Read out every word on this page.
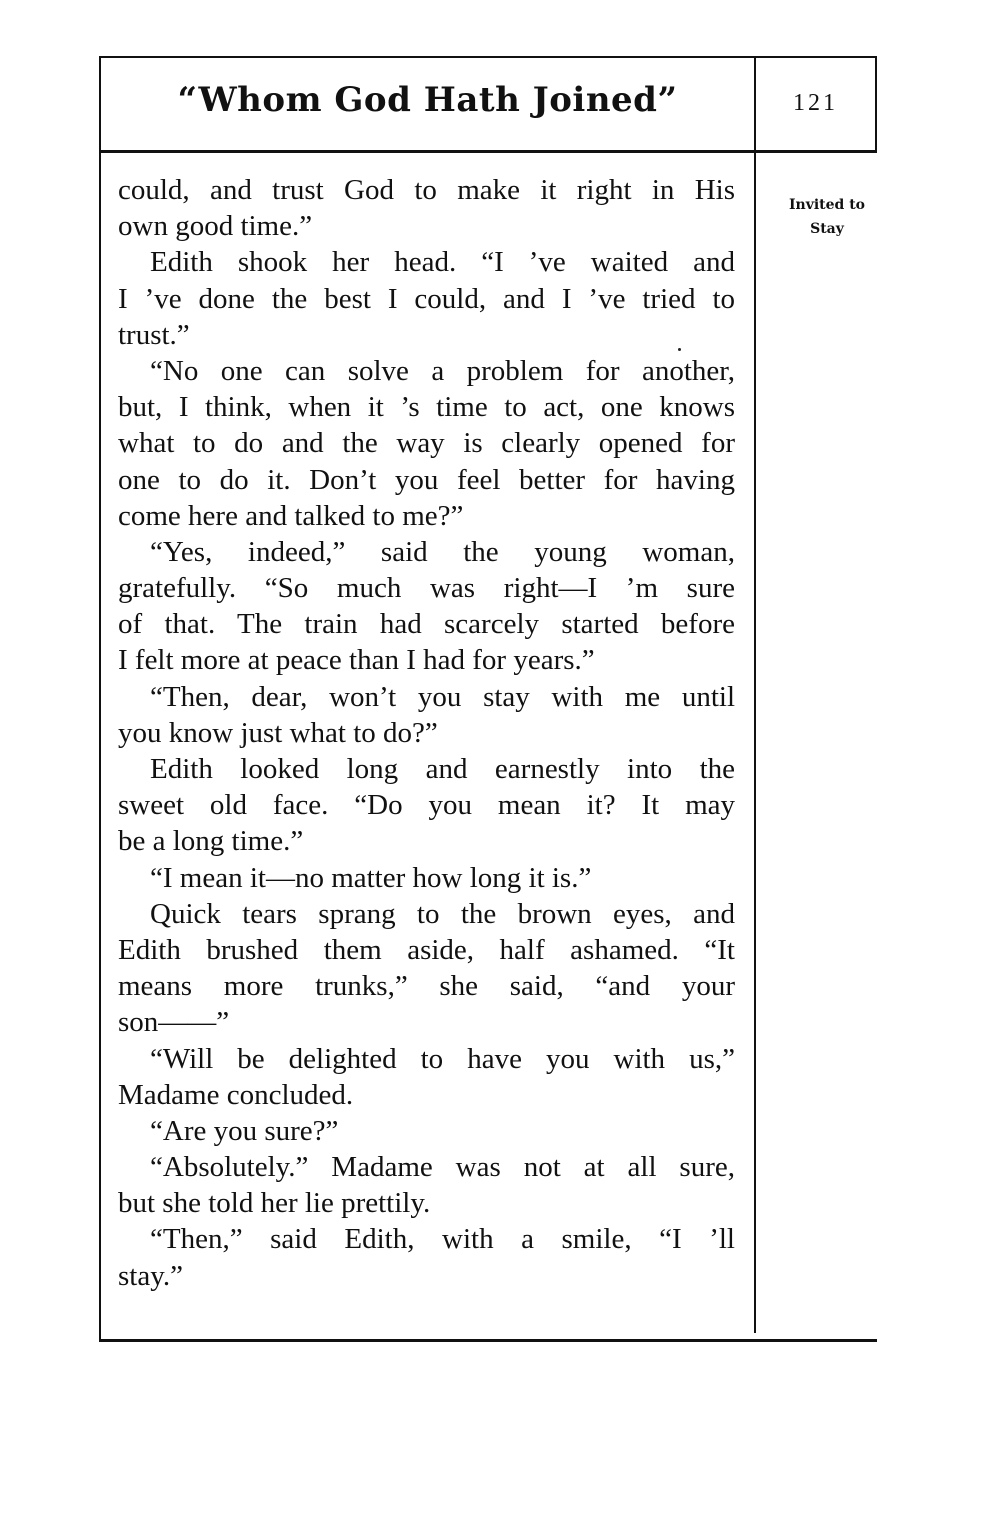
“Whom God Hath Joined”	121
Invited to
Stay
could, and trust God to make it right in His
own good time.”
Edith shook her head. “I ’ve waited and
I ’ve done the best I could, and I ’ve tried to
trust.”
“No one can solve a problem for another,
but, I think, when it ’s time to act, one knows
what to do and the way is clearly opened for
one to do it. Don’t you feel better for having
come here and talked to me?”
“Yes, indeed,” said the young woman,
gratefully. “So much was right—I ’m sure
of that. The train had scarcely started before
I felt more at peace than I had for years.”
“Then, dear, won’t you stay with me until
you know just what to do?”
Edith looked long and earnestly into the
sweet old face. “Do you mean it? It may
be a long time.”
“I mean it—no matter how long it is.”
Quick tears sprang to the brown eyes, and
Edith brushed them aside, half ashamed. “It
means more trunks,” she said, “and your
son——”
“Will be delighted to have you with us,”
Madame concluded.
“Are you sure?”
“Absolutely.” Madame was not at all sure,
but she told her lie prettily.
“Then,” said Edith, with a smile, “I ’ll
stay.”
